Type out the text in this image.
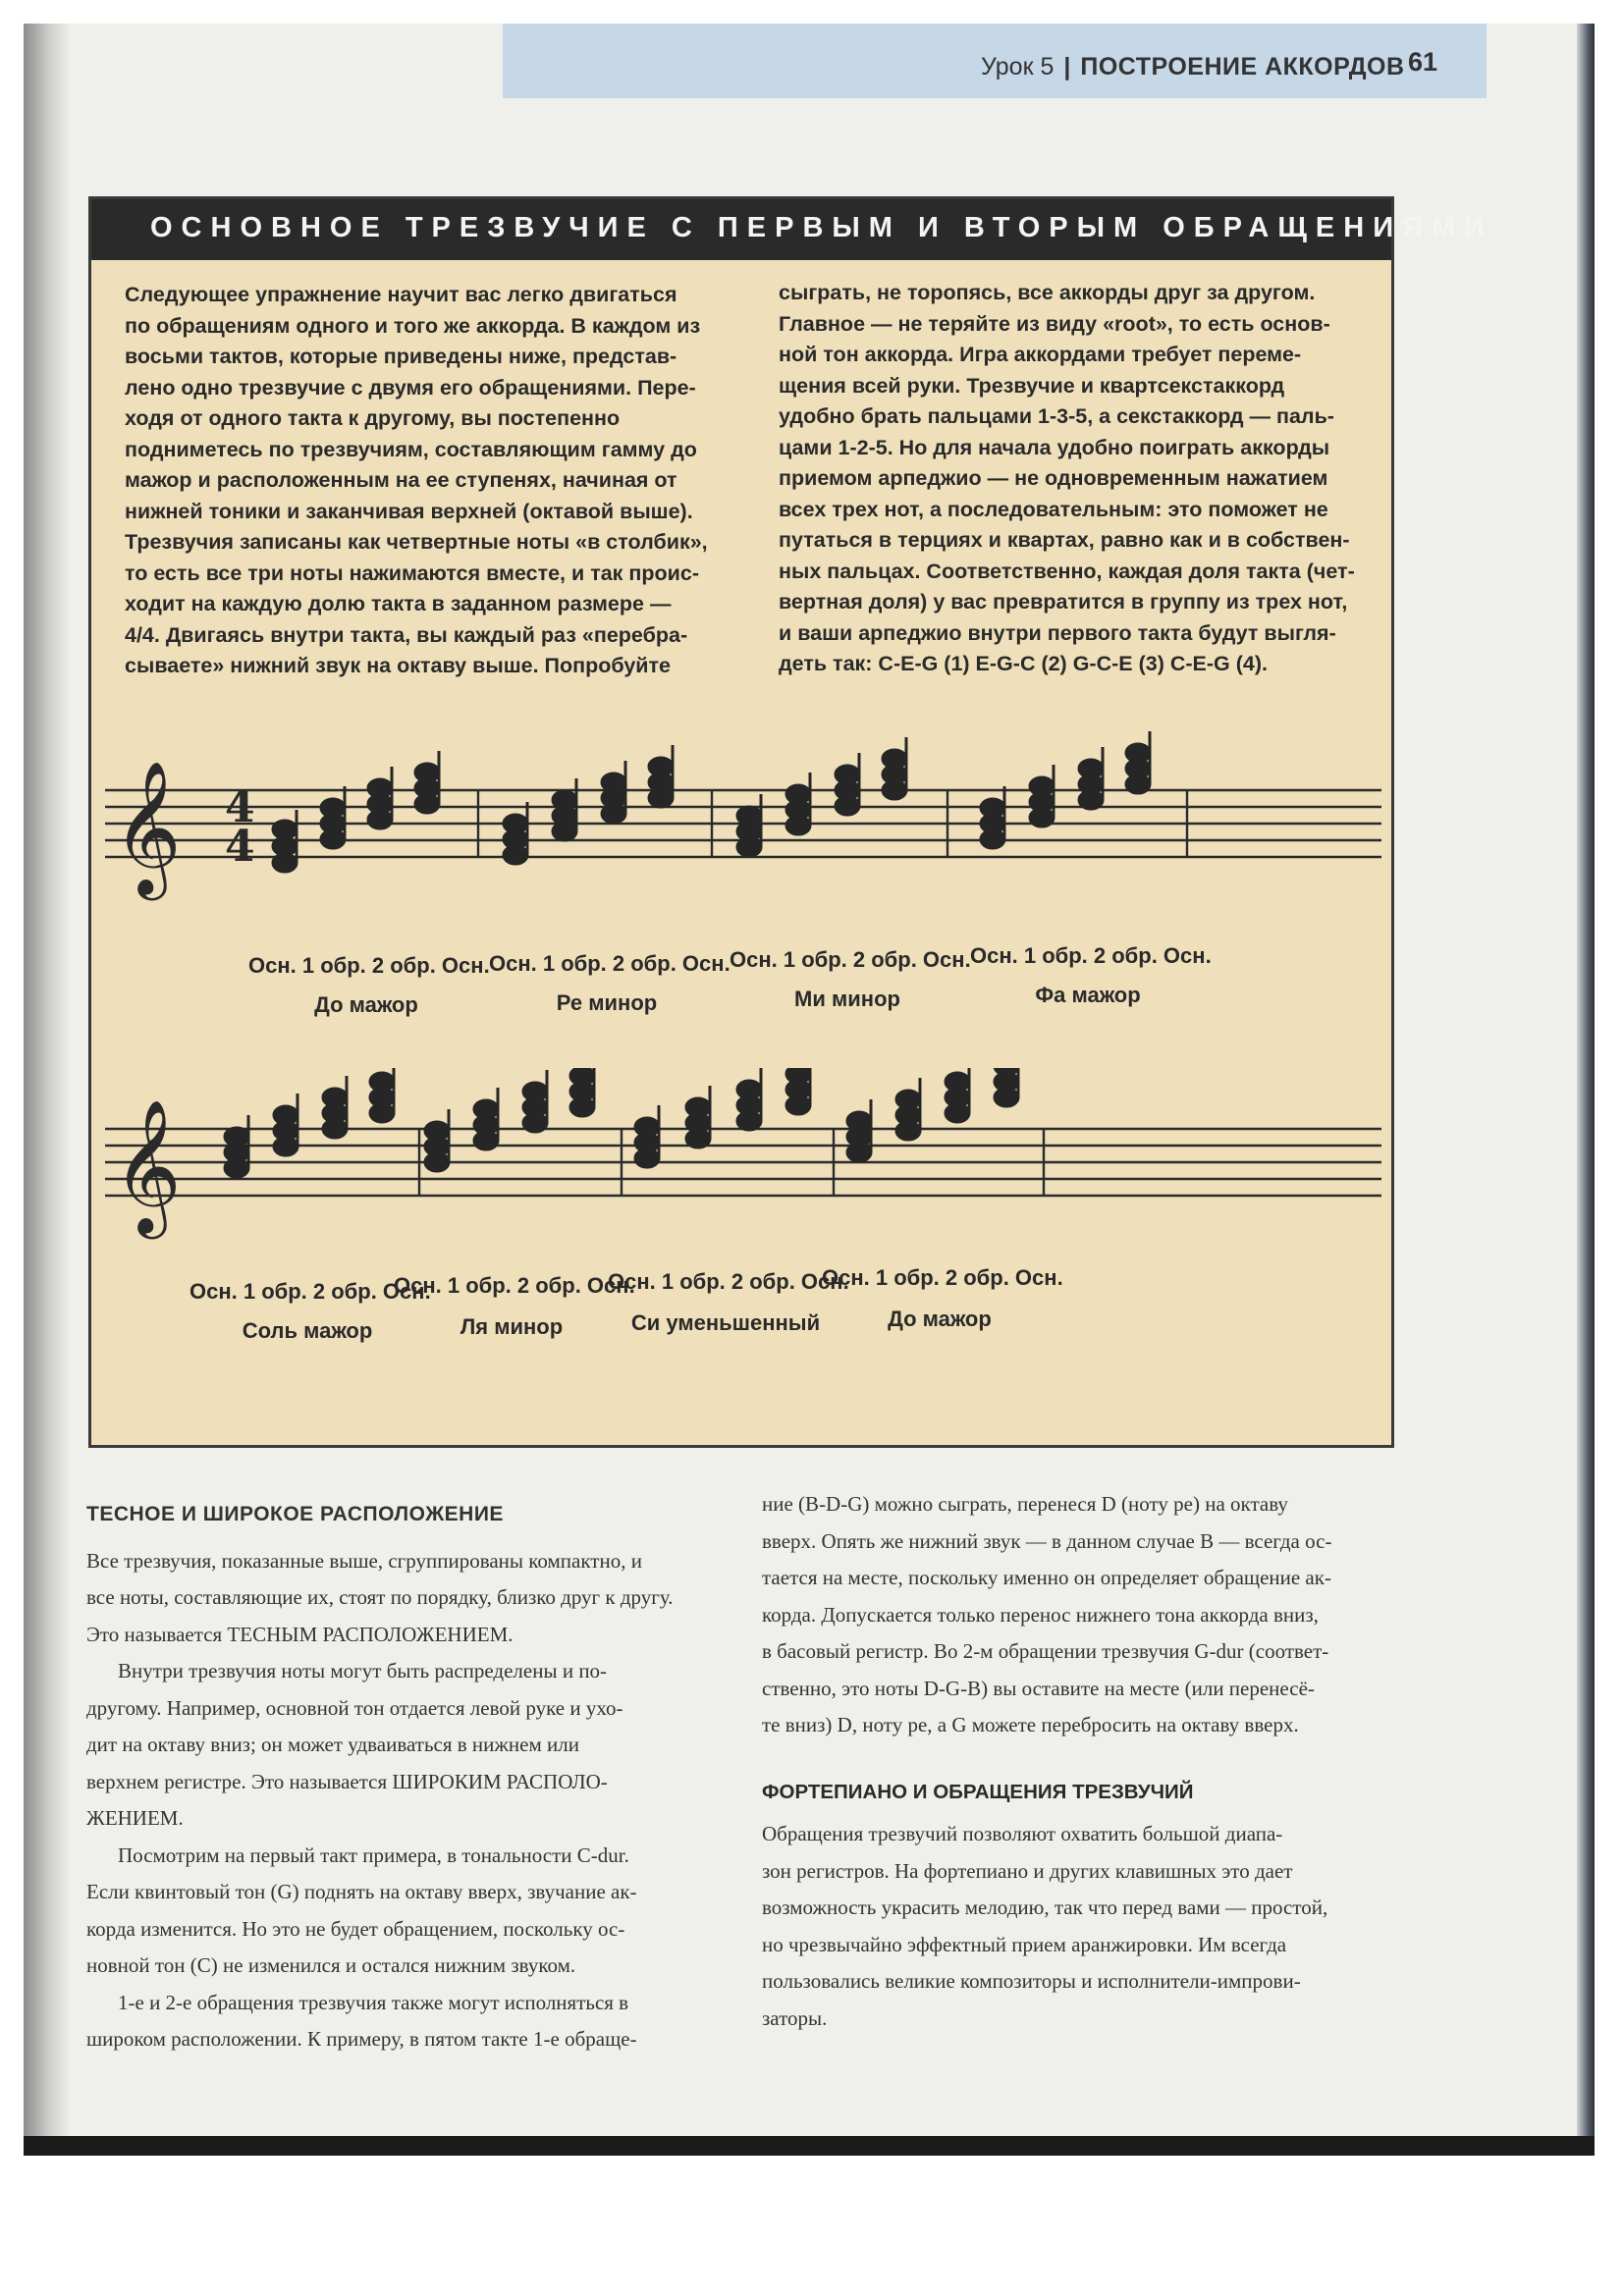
Урок 5 | ПОСТРОЕНИЕ АККОРДОВ 61
ОСНОВНОЕ ТРЕЗВУЧИЕ С ПЕРВЫМ И ВТОРЫМ ОБРАЩЕНИЯМИ
Следующее упражнение научит вас легко двигаться
по обращениям одного и того же аккорда. В каждом из
восьми тактов, которые приведены ниже, представ-
лено одно трезвучие с двумя его обращениями. Пере-
ходя от одного такта к другому, вы постепенно
подниметесь по трезвучиям, составляющим гамму до
мажор и расположенным на ее ступенях, начиная от
нижней тоники и заканчивая верхней (октавой выше).
Трезвучия записаны как четвертные ноты «в столбик»,
то есть все три ноты нажимаются вместе, и так проис-
ходит на каждую долю такта в заданном размере —
4/4. Двигаясь внутри такта, вы каждый раз «перебра-
сываете» нижний звук на октаву выше. Попробуйте
сыграть, не торопясь, все аккорды друг за другом.
Главное — не теряйте из виду «root», то есть основ-
ной тон аккорда. Игра аккордами требует переме-
щения всей руки. Трезвучие и квартсекстаккорд
удобно брать пальцами 1-3-5, а секстаккорд — паль-
цами 1-2-5. Но для начала удобно поиграть аккорды
приемом арпеджио — не одновременным нажатием
всех трех нот, а последовательным: это поможет не
путаться в терциях и квартах, равно как и в собствен-
ных пальцах. Соответственно, каждая доля такта (чет-
вертная доля) у вас превратится в группу из трех нот,
и ваши арпеджио внутри первого такта будут выгля-
деть так: C-E-G (1) E-G-C (2) G-C-E (3) C-E-G (4).
𝄞 4
4
Осн. 1 обр. 2 обр. Осн. Осн. 1 обр. 2 обр. Осн. Осн. 1 обр. 2 обр. Осн. Осн. 1 обр. 2 обр. Осн.
До мажор	Ре минор	Ми минор	Фа мажор
𝄞
Осн. 1 обр. 2 обр. Осн.
Осн. 1 обр. 2 обр. Осн.
Осн. 1 обр. 2 обр. Осн.
Осн. 1 обр. 2 обр. Осн.
Соль мажор	Ля минор	Си уменьшенный	До мажор
ТЕСНОЕ И ШИРОКОЕ РАСПОЛОЖЕНИЕ

Все трезвучия, показанные выше, сгруппированы компактно, и

все ноты, составляющие их, стоят по порядку, близко друг к другу.

Это называется ТЕСНЫМ РАСПОЛОЖЕНИЕМ.

Внутри трезвучия ноты могут быть распределены и по-

другому. Например, основной тон отдается левой руке и ухо-

дит на октаву вниз; он может удваиваться в нижнем или

верхнем регистре. Это называется ШИРОКИМ РАСПОЛО-

ЖЕНИЕМ.

Посмотрим на первый такт примера, в тональности C-dur.

Если квинтовый тон (G) поднять на октаву вверх, звучание ак-

корда изменится. Но это не будет обращением, поскольку ос-

новной тон (C) не изменился и остался нижним звуком.

1-е и 2-е обращения трезвучия также могут исполняться в

широком расположении. К примеру, в пятом такте 1-е обраще-

ние (B-D-G) можно сыграть, перенеся D (ноту ре) на октаву

вверх. Опять же нижний звук — в данном случае B — всегда ос-

тается на месте, поскольку именно он определяет обращение ак-

корда. Допускается только перенос нижнего тона аккорда вниз,

в басовый регистр. Во 2-м обращении трезвучия G-dur (соответ-

ственно, это ноты D-G-B) вы оставите на месте (или перенесё-

те вниз) D, ноту ре, а G можете перебросить на октаву вверх.

ФОРТЕПИАНО И ОБРАЩЕНИЯ ТРЕЗВУЧИЙ

Обращения трезвучий позволяют охватить большой диапа-

зон регистров. На фортепиано и других клавишных это дает

возможность украсить мелодию, так что перед вами — простой,

но чрезвычайно эффектный прием аранжировки. Им всегда

пользовались великие композиторы и исполнители-импрови-

заторы.
